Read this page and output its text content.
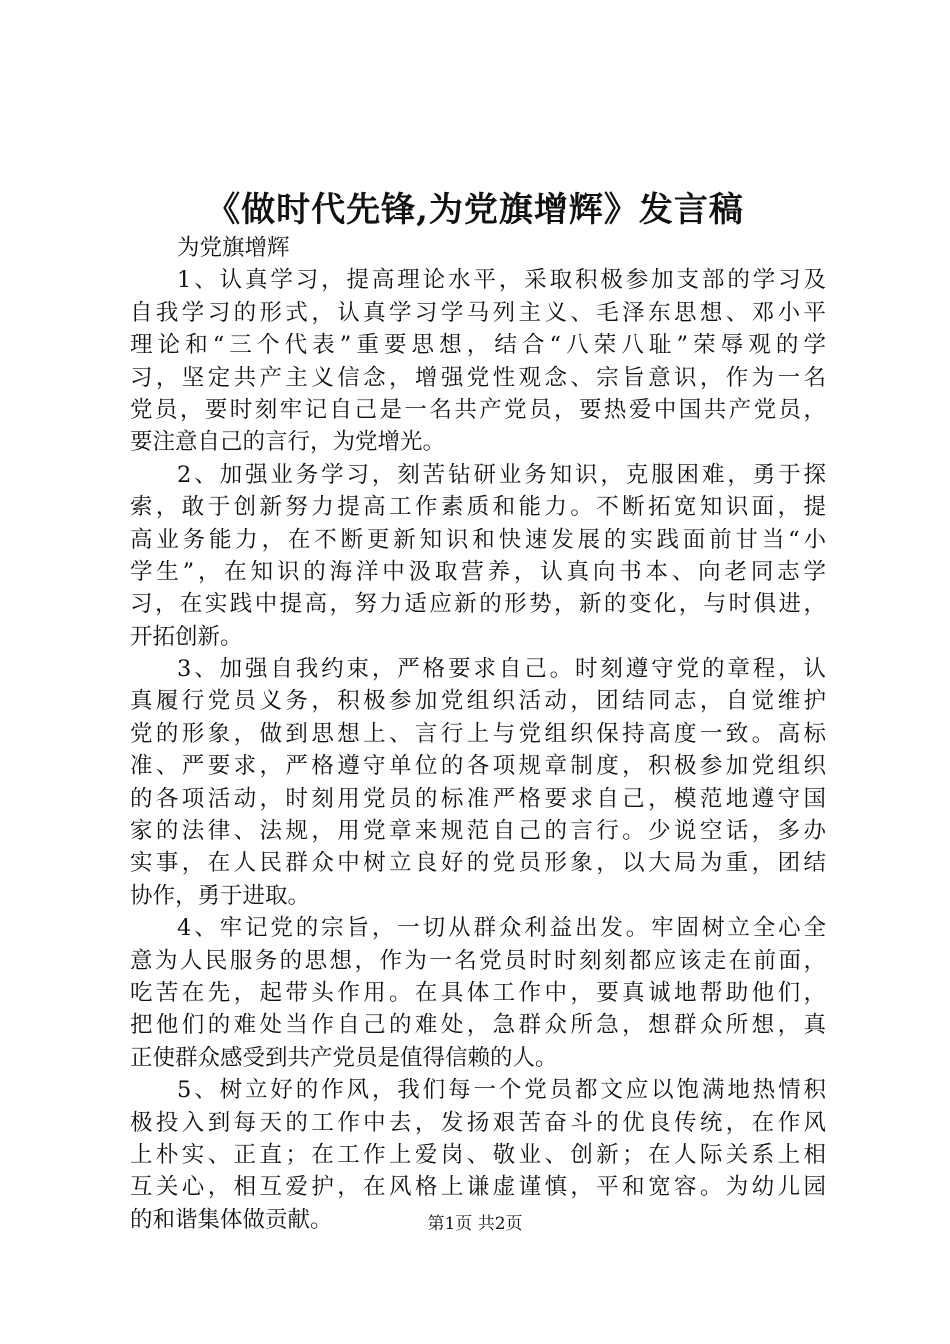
《做时代先锋,为党旗增辉》发言稿
为党旗增辉
1、认真学习，提高理论水平，采取积极参加支部的学习及
自我学习的形式，认真学习学马列主义、毛泽东思想、邓小平
理论和“三个代表”重要思想，结合“八荣八耻”荣辱观的学
习，坚定共产主义信念，增强党性观念、宗旨意识，作为一名
党员，要时刻牢记自己是一名共产党员，要热爱中国共产党员，
要注意自己的言行，为党增光。
2、加强业务学习，刻苦钻研业务知识，克服困难，勇于探
索，敢于创新努力提高工作素质和能力。不断拓宽知识面，提
高业务能力，在不断更新知识和快速发展的实践面前甘当“小
学生”，在知识的海洋中汲取营养，认真向书本、向老同志学
习，在实践中提高，努力适应新的形势，新的变化，与时俱进，
开拓创新。
3、加强自我约束，严格要求自己。时刻遵守党的章程，认
真履行党员义务，积极参加党组织活动，团结同志，自觉维护
党的形象，做到思想上、言行上与党组织保持高度一致。高标
准、严要求，严格遵守单位的各项规章制度，积极参加党组织
的各项活动，时刻用党员的标准严格要求自己，模范地遵守国
家的法律、法规，用党章来规范自己的言行。少说空话，多办
实事，在人民群众中树立良好的党员形象，以大局为重，团结
协作，勇于进取。
4、牢记党的宗旨，一切从群众利益出发。牢固树立全心全
意为人民服务的思想，作为一名党员时时刻刻都应该走在前面，
吃苦在先，起带头作用。在具体工作中，要真诚地帮助他们，
把他们的难处当作自己的难处，急群众所急，想群众所想，真
正使群众感受到共产党员是值得信赖的人。
5、树立好的作风，我们每一个党员都文应以饱满地热情积
极投入到每天的工作中去，发扬艰苦奋斗的优良传统，在作风
上朴实、正直；在工作上爱岗、敬业、创新；在人际关系上相
互关心，相互爱护，在风格上谦虚谨慎，平和宽容。为幼儿园
的和谐集体做贡献。	第1页 共2页
